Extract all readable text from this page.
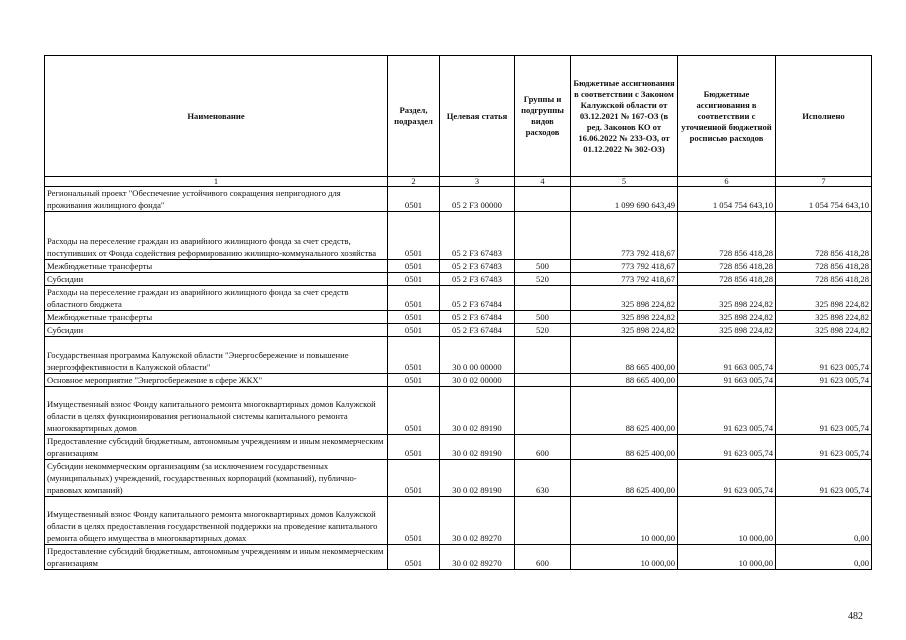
Наименование	Раздел, подраздел	Целевая статья	Группы и подгруппы видов расходов	Бюджетные ассигнования в соответствии с Законом Калужской области от 03.12.2021 № 167-ОЗ (в ред. Законов КО от 16.06.2022 № 233-ОЗ, от 01.12.2022 № 302-ОЗ)	Бюджетные ассигнования в соответствии с уточненной бюджетной росписью расходов	Исполнено
1	2	3	4	5	6	7
Региональный проект "Обеспечение устойчивого сокращения непригодного для проживания жилищного фонда"	0501	05 2 F3 00000		1 099 690 643,49	1 054 754 643,10	1 054 754 643,10
Расходы на переселение граждан из аварийного жилищного фонда за счет средств, поступивших от Фонда содействия реформированию жилищно-коммунального хозяйства	0501	05 2 F3 67483		773 792 418,67	728 856 418,28	728 856 418,28
Межбюджетные трансферты	0501	05 2 F3 67483	500	773 792 418,67	728 856 418,28	728 856 418,28
Субсидии	0501	05 2 F3 67483	520	773 792 418,67	728 856 418,28	728 856 418,28
Расходы на переселение граждан из аварийного жилищного фонда за счет средств областного бюджета	0501	05 2 F3 67484		325 898 224,82	325 898 224,82	325 898 224,82
Межбюджетные трансферты	0501	05 2 F3 67484	500	325 898 224,82	325 898 224,82	325 898 224,82
Субсидии	0501	05 2 F3 67484	520	325 898 224,82	325 898 224,82	325 898 224,82
Государственная программа Калужской области "Энергосбережение и повышение энергоэффективности в Калужской области"	0501	30 0 00 00000		88 665 400,00	91 663 005,74	91 623 005,74
Основное мероприятие "Энергосбережение в сфере ЖКХ"	0501	30 0 02 00000		88 665 400,00	91 663 005,74	91 623 005,74
Имущественный взнос Фонду капитального ремонта многоквартирных домов Калужской области в целях функционирования региональной системы капитального ремонта многоквартирных домов	0501	30 0 02 89190		88 625 400,00	91 623 005,74	91 623 005,74
Предоставление субсидий бюджетным, автономным учреждениям и иным некоммерческим организациям	0501	30 0 02 89190	600	88 625 400,00	91 623 005,74	91 623 005,74
Субсидии некоммерческим организациям (за исключением государственных (муниципальных) учреждений, государственных корпораций (компаний), публично-правовых компаний)	0501	30 0 02 89190	630	88 625 400,00	91 623 005,74	91 623 005,74
Имущественный взнос Фонду капитального ремонта многоквартирных домов Калужской области в целях предоставления государственной поддержки на проведение капитального ремонта общего имущества в многоквартирных домах	0501	30 0 02 89270		10 000,00	10 000,00	0,00
Предоставление субсидий бюджетным, автономным учреждениям и иным некоммерческим организациям	0501	30 0 02 89270	600	10 000,00	10 000,00	0,00
482
